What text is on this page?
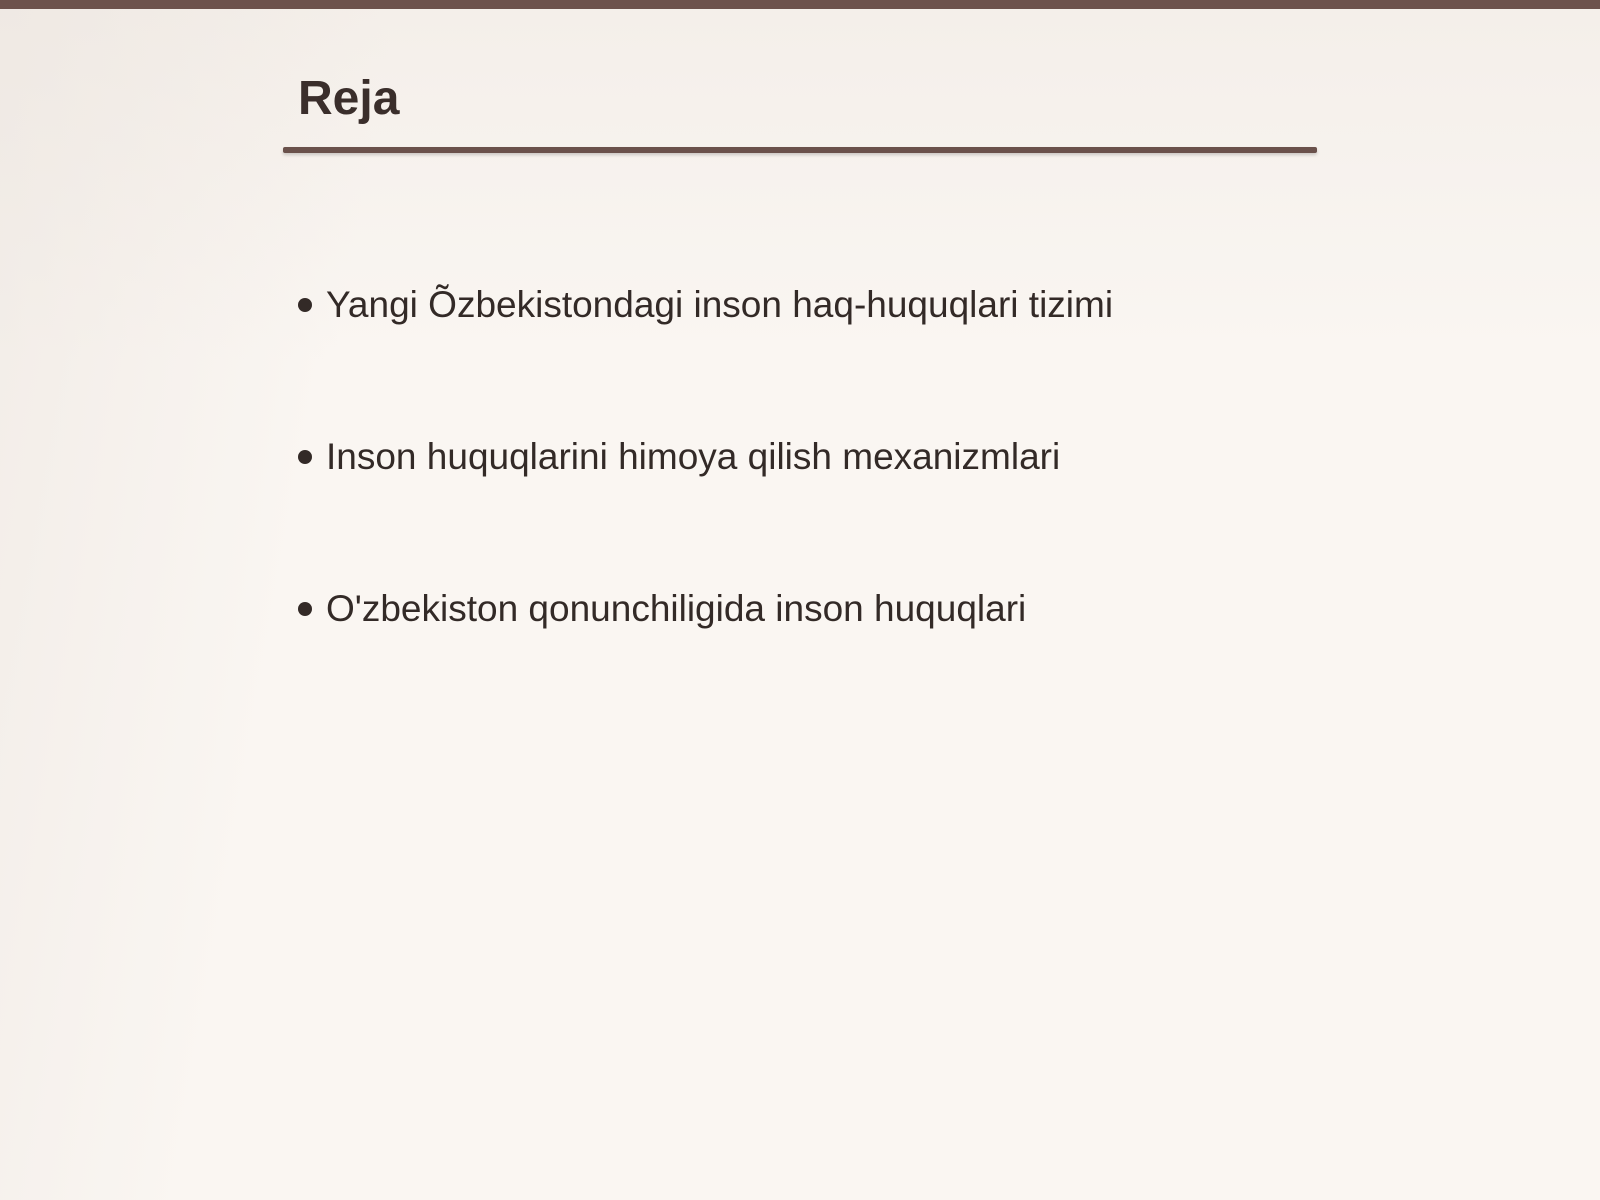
Reja
Yangi Õzbekistondagi inson haq-huquqlari tizimi
Inson huquqlarini himoya qilish mexanizmlari
O'zbekiston qonunchiligida inson huquqlari
